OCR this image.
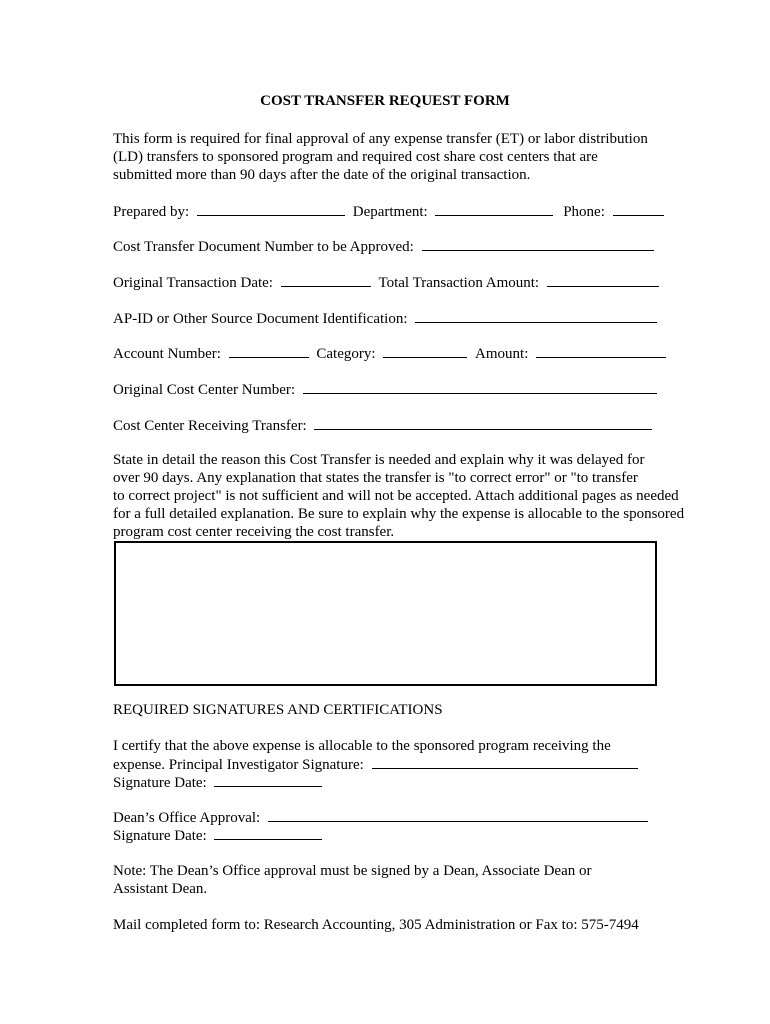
COST TRANSFER REQUEST FORM
This form is required for final approval of any expense transfer (ET) or labor distribution
(LD) transfers to sponsored program and required cost share cost centers that are
submitted more than 90 days after the date of the original transaction.
Prepared by:	Department:	Phone:
Cost Transfer Document Number to be Approved:
Original Transaction Date:	Total Transaction Amount:
AP-ID or Other Source Document Identification:
Account Number:	Category:	Amount:
Original Cost Center Number:
Cost Center Receiving Transfer:
State in detail the reason this Cost Transfer is needed and explain why it was delayed for
over 90 days. Any explanation that states the transfer is "to correct error" or "to transfer
to correct project" is not sufficient and will not be accepted. Attach additional pages as needed
for a full detailed explanation. Be sure to explain why the expense is allocable to the sponsored
program cost center receiving the cost transfer.
REQUIRED SIGNATURES AND CERTIFICATIONS
I certify that the above expense is allocable to the sponsored program receiving the
expense. Principal Investigator Signature:
Signature Date:
Dean’s Office Approval:
Signature Date:
Note: The Dean’s Office approval must be signed by a Dean, Associate Dean or
Assistant Dean.
Mail completed form to: Research Accounting, 305 Administration or Fax to: 575-7494
